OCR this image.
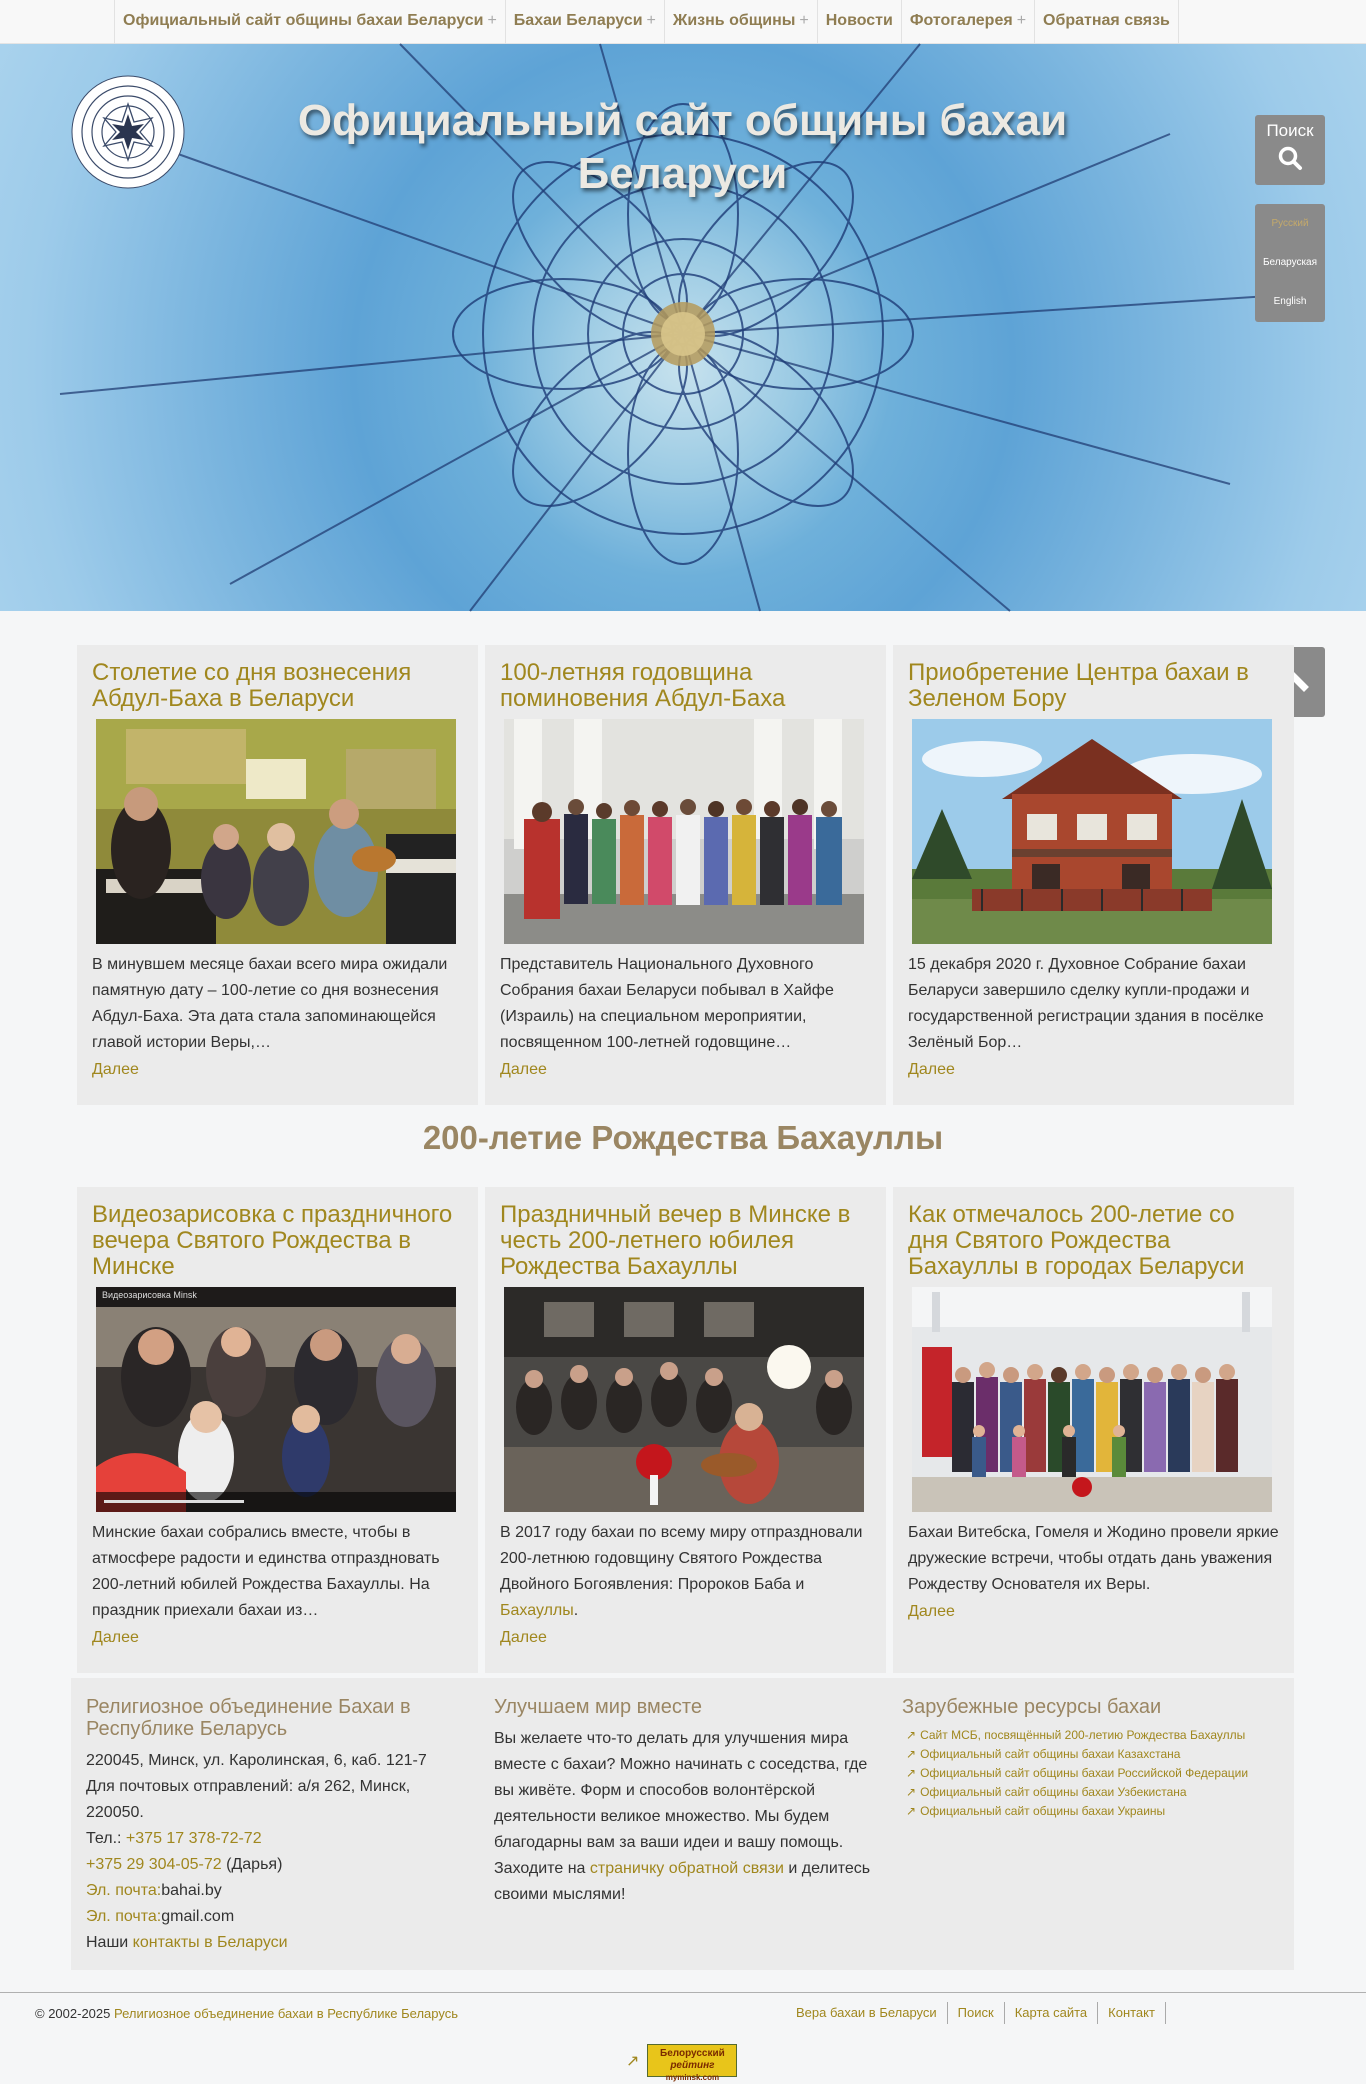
Официальный сайт общины бахаи Беларуси +	Бахаи Беларуси +	Жизнь общины +	Новости	Фотогалерея +	Обратная связь
Официальный сайт общины бахаи Беларуси
Поиск
Русский
Беларуская
English
Столетие со дня вознесения Абдул-Баха в Беларуси

В минувшем месяце бахаи всего мира ожидали памятную дату – 100-летие со дня вознесения Абдул-Баха. Эта дата стала запоминающейся главой истории Веры,…

Далее
100-летняя годовщина поминовения Абдул-Баха

Представитель Национального Духовного Собрания бахаи Беларуси побывал в Хайфе (Израиль) на специальном мероприятии, посвященном 100-летней годовщине…

Далее
Приобретение Центра бахаи в Зеленом Бору

15 декабря 2020 г. Духовное Собрание бахаи Беларуси завершило сделку купли-продажи и государственной регистрации здания в посёлке Зелёный Бор…

Далее
200-летие Рождества Бахауллы
Видеозарисовка с праздничного вечера Святого Рождества в Минске
Видеозарисовка Minsk

Минские бахаи собрались вместе, чтобы в атмосфере радости и единства отпраздновать 200-летний юбилей Рождества Бахауллы. На праздник приехали бахаи из…

Далее
Праздничный вечер в Минске в честь 200-летнего юбилея Рождества Бахауллы

В 2017 году бахаи по всему миру отпраздновали 200-летнюю годовщину Святого Рождества Двойного Богоявления: Пророков Баба и Бахауллы.

Далее
Как отмечалось 200-летие со дня Святого Рождества Бахауллы в городах Беларуси

Бахаи Витебска, Гомеля и Жодино провели яркие дружеские встречи, чтобы отдать дань уважения Рождеству Основателя их Веры.

Далее
Религиозное объединение Бахаи в Республике Беларусь
220045, Минск, ул. Каролинская, 6, каб. 121-7
Для почтовых отправлений: а/я 262, Минск, 220050.
Тел.: +375 17 378-72-72
+375 29 304-05-72 (Дарья)
Эл. почта:bahai.by
Эл. почта:gmail.com
Наши контакты в Беларуси
Улучшаем мир вместе
Вы желаете что-то делать для улучшения мира вместе с бахаи? Можно начинать с соседства, где вы живёте. Форм и способов волонтёрской деятельности великое множество. Мы будем благодарны вам за ваши идеи и вашу помощь. Заходите на страничку обратной связи и делитесь своими мыслями!
Зарубежные ресурсы бахаи
↗ Сайт МСБ, посвящённый 200-летию Рождества Бахауллы
↗ Официальный сайт общины бахаи Казахстана
↗ Официальный сайт общины бахаи Российской Федерации
↗ Официальный сайт общины бахаи Узбекистана
↗ Официальный сайт общины бахаи Украины
© 2002-2025 Религиозное объединение бахаи в Республике Беларусь	Вера бахаи в Беларуси	Поиск	Карта сайта	Контакт
↗	Белорусский
рейтинг
myminsk.com
